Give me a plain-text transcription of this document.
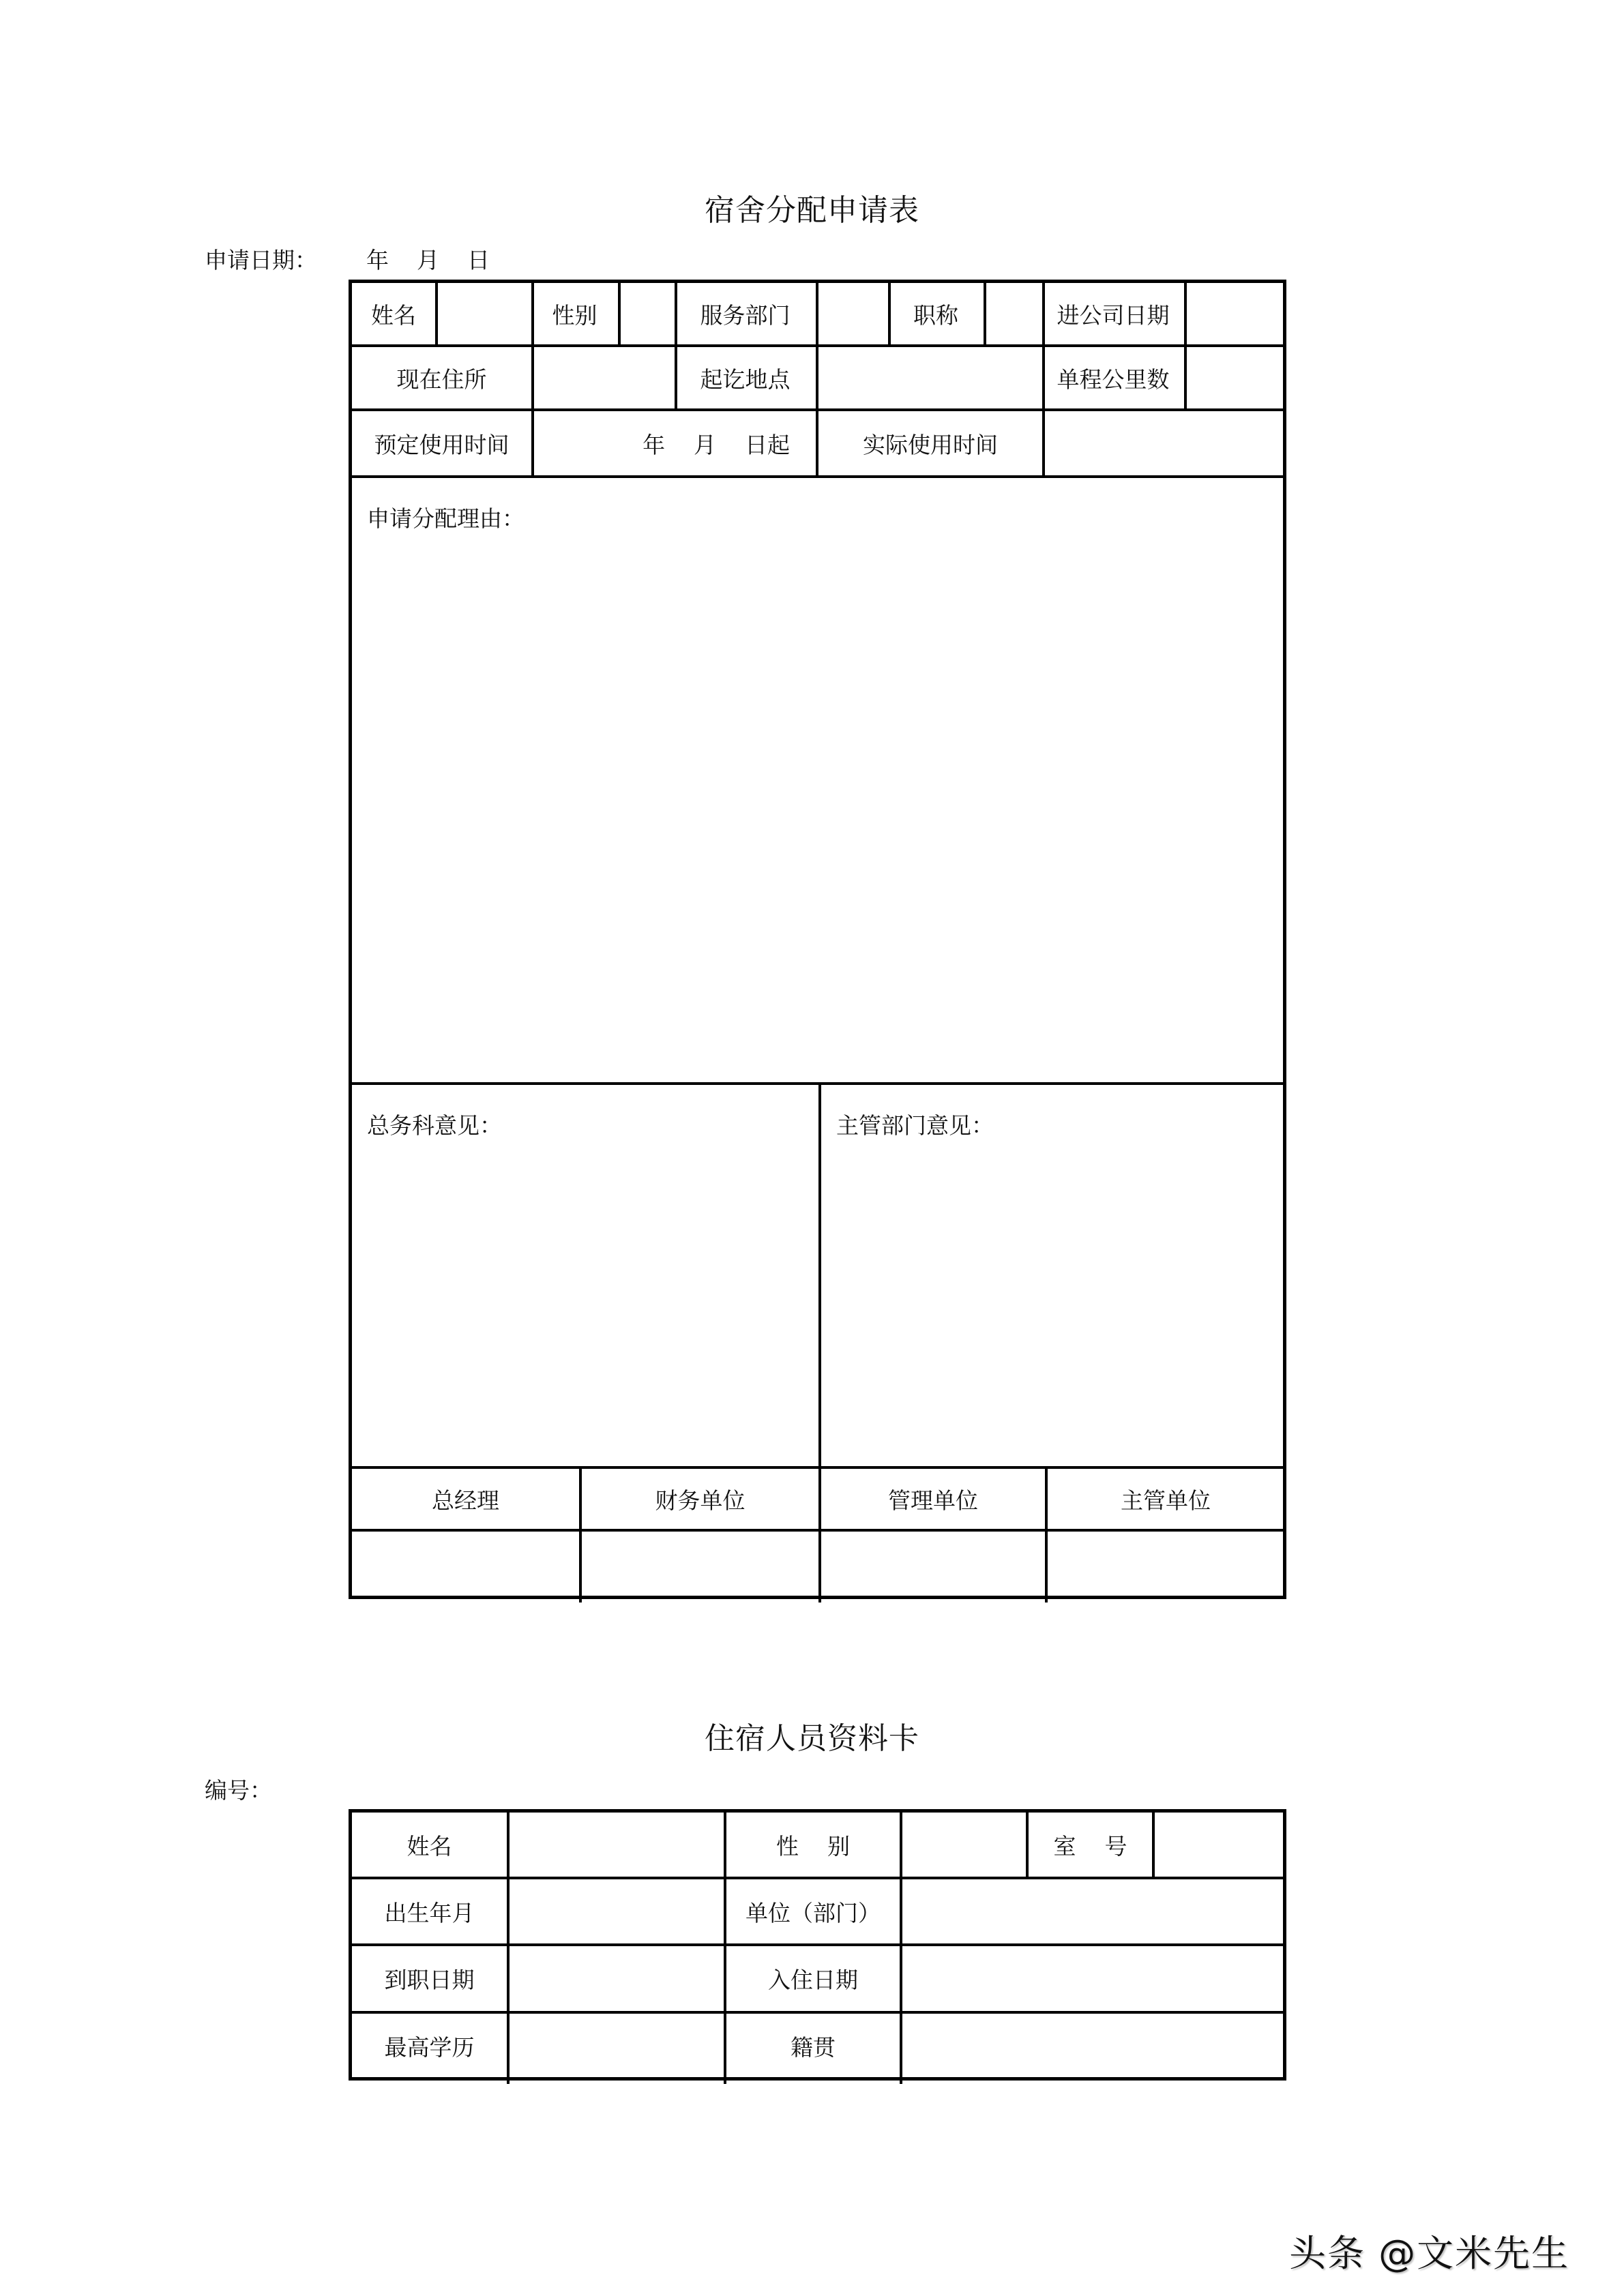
宿舍分配申请表
申请日期： 年 月 日
姓名	性别	服务部门	职称	进公司日期
现在住所	起讫地点	单程公里数
预定使用时间	年    月    日起	实际使用时间
申请分配理由：
总务科意见：	主管部门意见：
总经理	财务单位	管理单位	主管单位
住宿人员资料卡
编号：
姓名	性    别	室    号
出生年月	单位（部门）
到职日期	入住日期
最高学历	籍贯
头条 @文米先生
